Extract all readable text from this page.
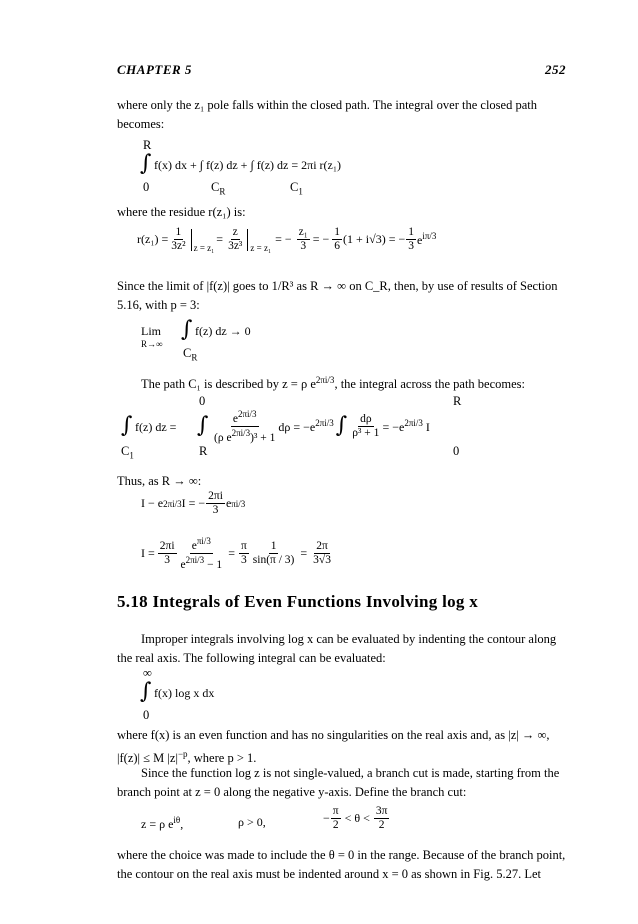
CHAPTER 5	252
where only the z₁ pole falls within the closed path. The integral over the closed path
becomes:
R
∫ f(x) dx + ∫ f(z) dz + ∫ f(z) dz = 2πi r(z₁)
0	$C_R$	$C_1$
where the residue r(z₁) is:
$r(z_1) = \frac{1}{\text{3z²}}$ z = z₁
= $\frac{z}{\text{3z³}}$ z = z₁
= − $\frac{\text{z₁}}{3}$ = − $\frac{1}{6} (1 + i√3)$ = − $\frac{1}{3} e^{i\pi/3}$
Since the limit of |f(z)| goes to 1/R³ as R → ∞ on C_R, then, by use of results of Section
5.16, with p = 3:
Lim
R→∞
∫ f(z) dz → 0
$C_R$
The path C₁ is described by z = ρ $e^{2\pi i/3}$, the integral across the path becomes:
0	R
∫ f(z) dz = ∫ $\frac{e^{2\pi i/3}}{(\rho e^{2\pi i/3})^3 + 1}$ $d\rho = -e^{2\pi i/3}$ ∫ $\frac{d\rho}{\text{ρ³ + 1}} = -e^{2\pi i/3}$ I
$C_1$	R	0
Thus, as R → ∞:
I − e 2πi/3 I = − $\frac{2\pi i}{3}$ e πi/3
$I = \frac{2\pi i}{3} \frac{e^{\pi i/3}}{e^{2\pi i/3} - 1} = \frac{\pi}{3} \frac{1}{\sin(\pi / 3)} = \frac{2\pi}{3√3}$
5.18 Integrals of Even Functions Involving log x
Improper integrals involving log x can be evaluated by indenting the contour along
the real axis. The following integral can be evaluated:
∞
∫ f(x) log x dx
0
where f(x) is an even function and has no singularities on the real axis and, as |z| → ∞,
|f(z)| ≤ M $|z|^{-p}$, where p > 1.
Since the function log z is not single-valued, a branch cut is made, starting from the
branch point at z = 0 along the negative y-axis. Define the branch cut:
z = ρ $e^{i\theta}$,	ρ > 0,	− $\frac{\pi}{2} < \theta < \frac{3\pi}{2}$
where the choice was made to include the θ = 0 in the range. Because of the branch point,
the contour on the real axis must be indented around x = 0 as shown in Fig. 5.27. Let
